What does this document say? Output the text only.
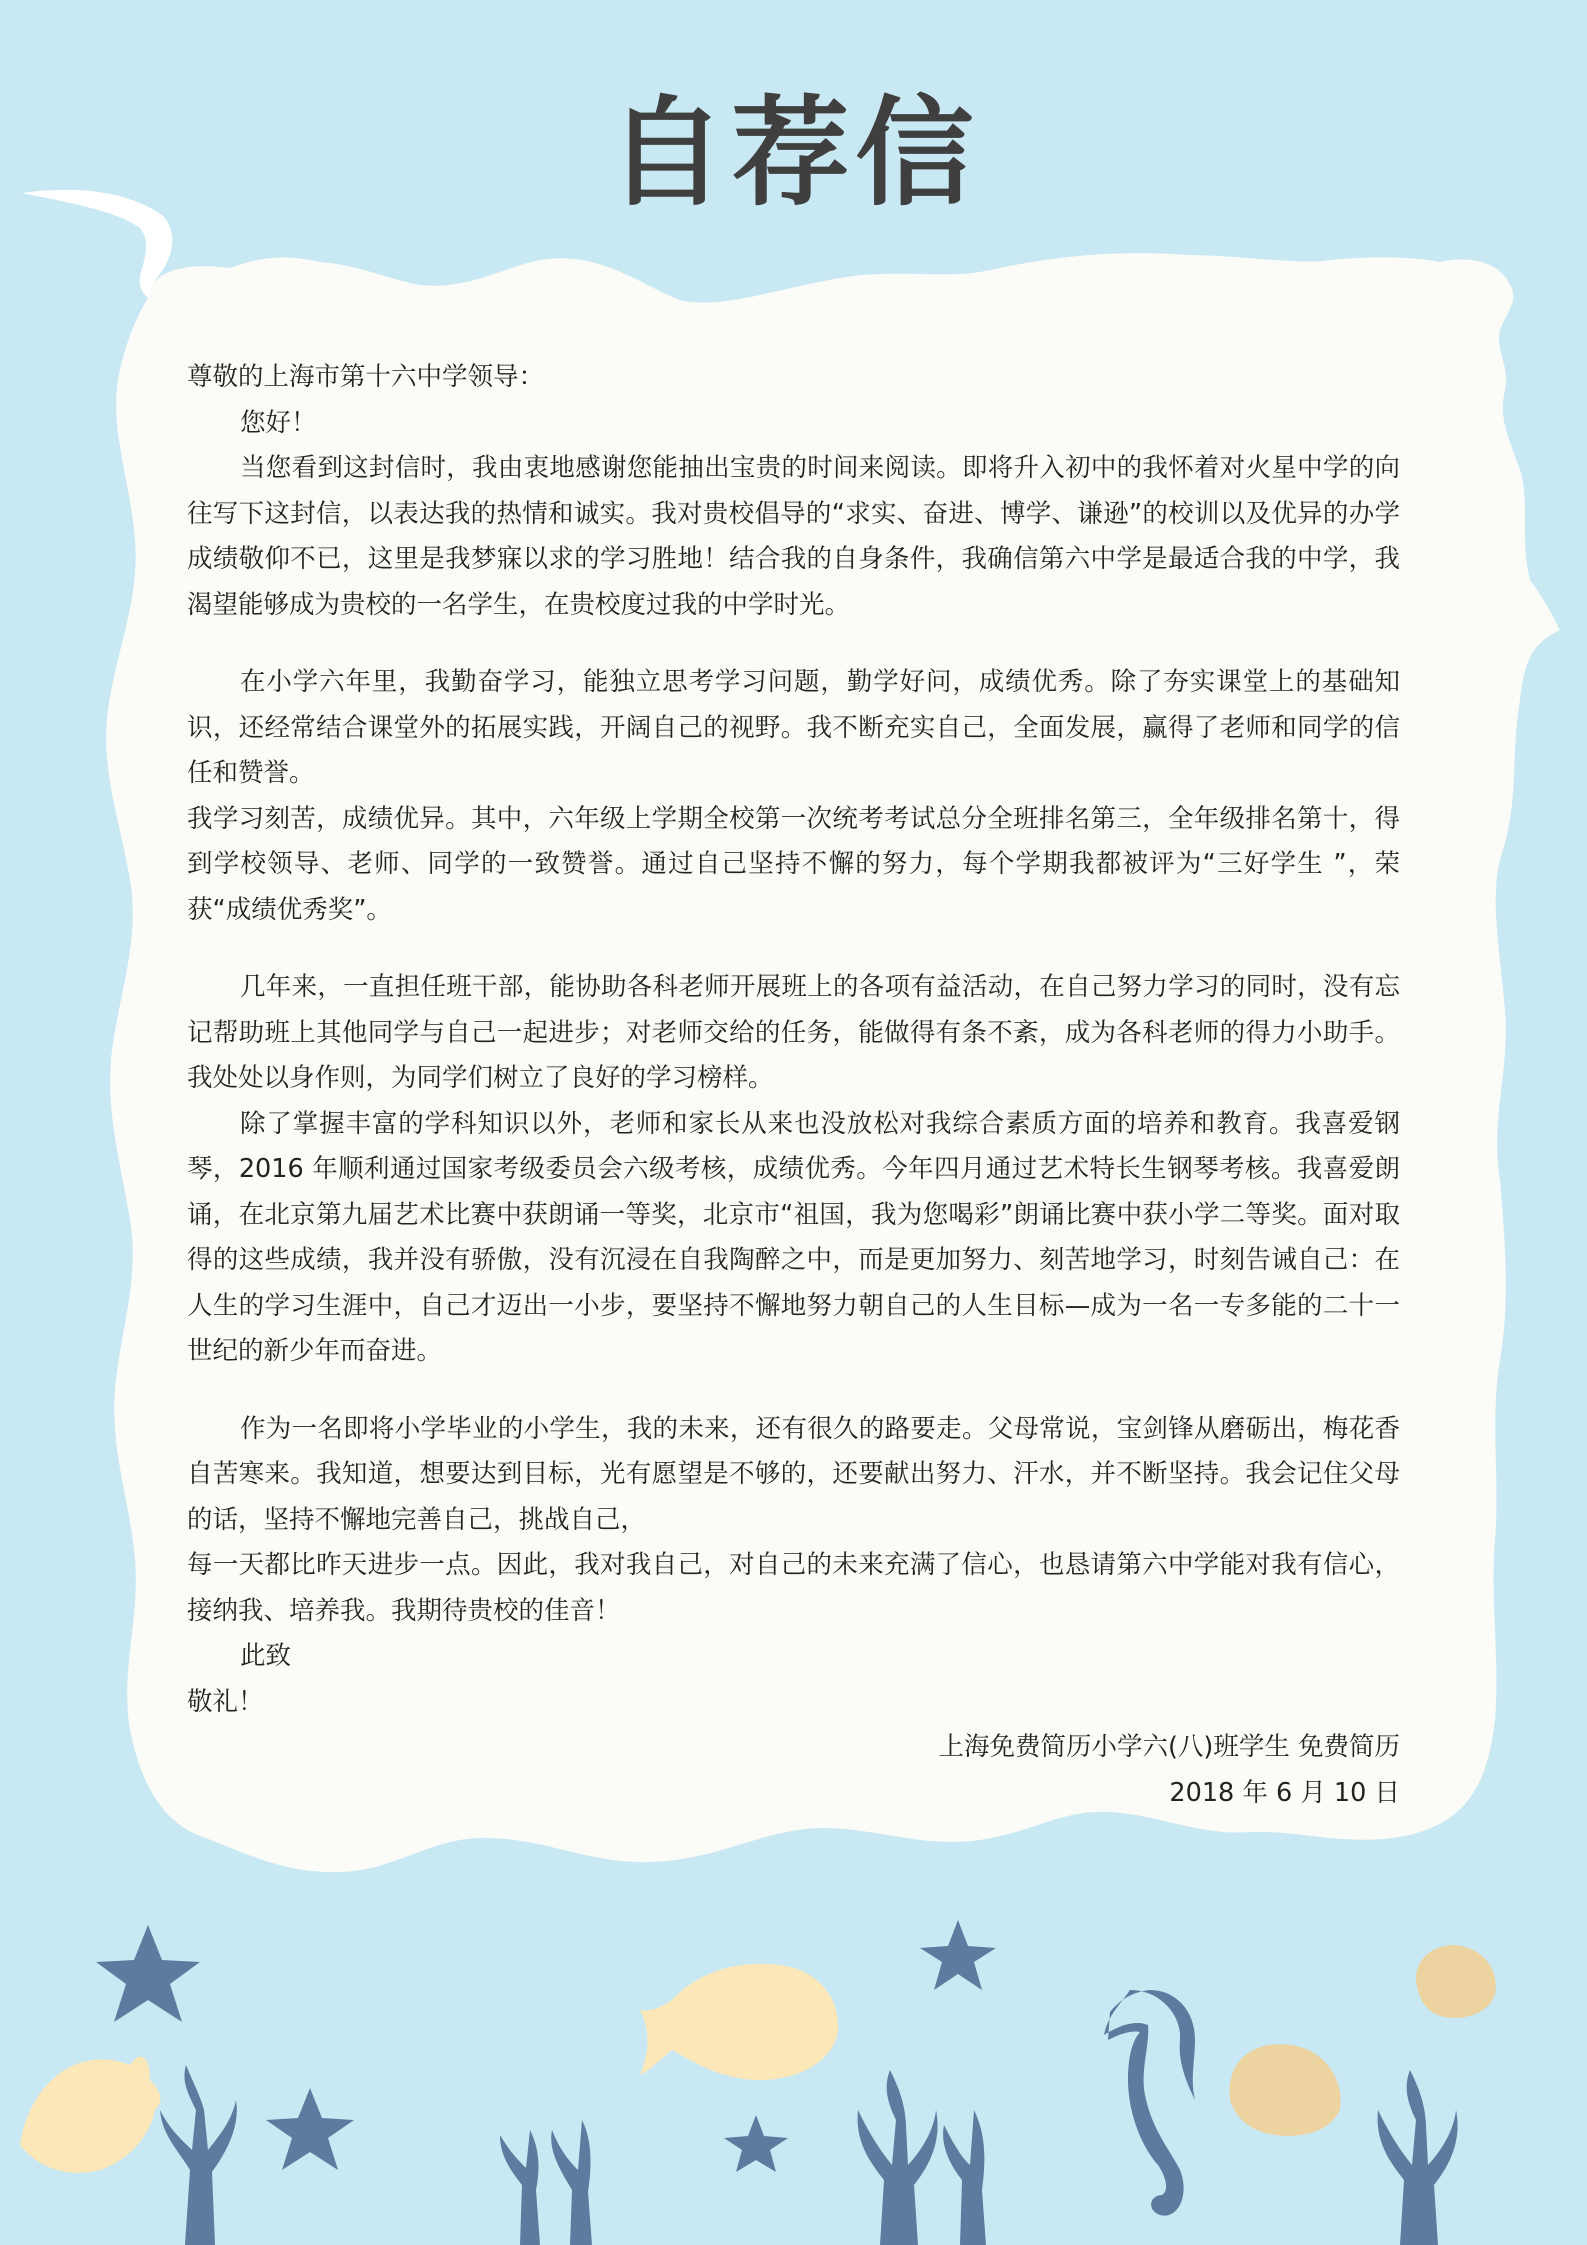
自荐信

尊敬的上海市第十六中学领导：

您好！

当您看到这封信时，我由衷地感谢您能抽出宝贵的时间来阅读。即将升入初中的我怀着对火星中学的向往写下这封信，以表达我的热情和诚实。我对贵校倡导的“求实、奋进、博学、谦逊”的校训以及优异的办学成绩敬仰不已，这里是我梦寐以求的学习胜地！结合我的自身条件，我确信第六中学是最适合我的中学，我渴望能够成为贵校的一名学生，在贵校度过我的中学时光。

在小学六年里，我勤奋学习，能独立思考学习问题，勤学好问，成绩优秀。除了夯实课堂上的基础知识，还经常结合课堂外的拓展实践，开阔自己的视野。我不断充实自己，全面发展，赢得了老师和同学的信任和赞誉。

我学习刻苦，成绩优异。其中，六年级上学期全校第一次统考考试总分全班排名第三，全年级排名第十，得到学校领导、老师、同学的一致赞誉。通过自己坚持不懈的努力，每个学期我都被评为“三好学生 ”，荣获“成绩优秀奖”。

几年来，一直担任班干部，能协助各科老师开展班上的各项有益活动，在自己努力学习的同时，没有忘记帮助班上其他同学与自己一起进步；对老师交给的任务，能做得有条不紊，成为各科老师的得力小助手。我处处以身作则，为同学们树立了良好的学习榜样。

除了掌握丰富的学科知识以外，老师和家长从来也没放松对我综合素质方面的培养和教育。我喜爱钢琴，2016 年顺利通过国家考级委员会六级考核，成绩优秀。今年四月通过艺术特长生钢琴考核。我喜爱朗诵，在北京第九届艺术比赛中获朗诵一等奖，北京市“祖国，我为您喝彩”朗诵比赛中获小学二等奖。面对取得的这些成绩，我并没有骄傲，没有沉浸在自我陶醉之中，而是更加努力、刻苦地学习，时刻告诫自己：在人生的学习生涯中，自己才迈出一小步，要坚持不懈地努力朝自己的人生目标—成为一名一专多能的二十一世纪的新少年而奋进。

作为一名即将小学毕业的小学生，我的未来，还有很久的路要走。父母常说，宝剑锋从磨砺出，梅花香自苦寒来。我知道，想要达到目标，光有愿望是不够的，还要献出努力、汗水，并不断坚持。我会记住父母的话，坚持不懈地完善自己，挑战自己，

每一天都比昨天进步一点。因此，我对我自己，对自己的未来充满了信心，也恳请第六中学能对我有信心，接纳我、培养我。我期待贵校的佳音！

此致

敬礼！

上海免费简历小学六(八)班学生 免费简历

2018 年 6 月 10 日
